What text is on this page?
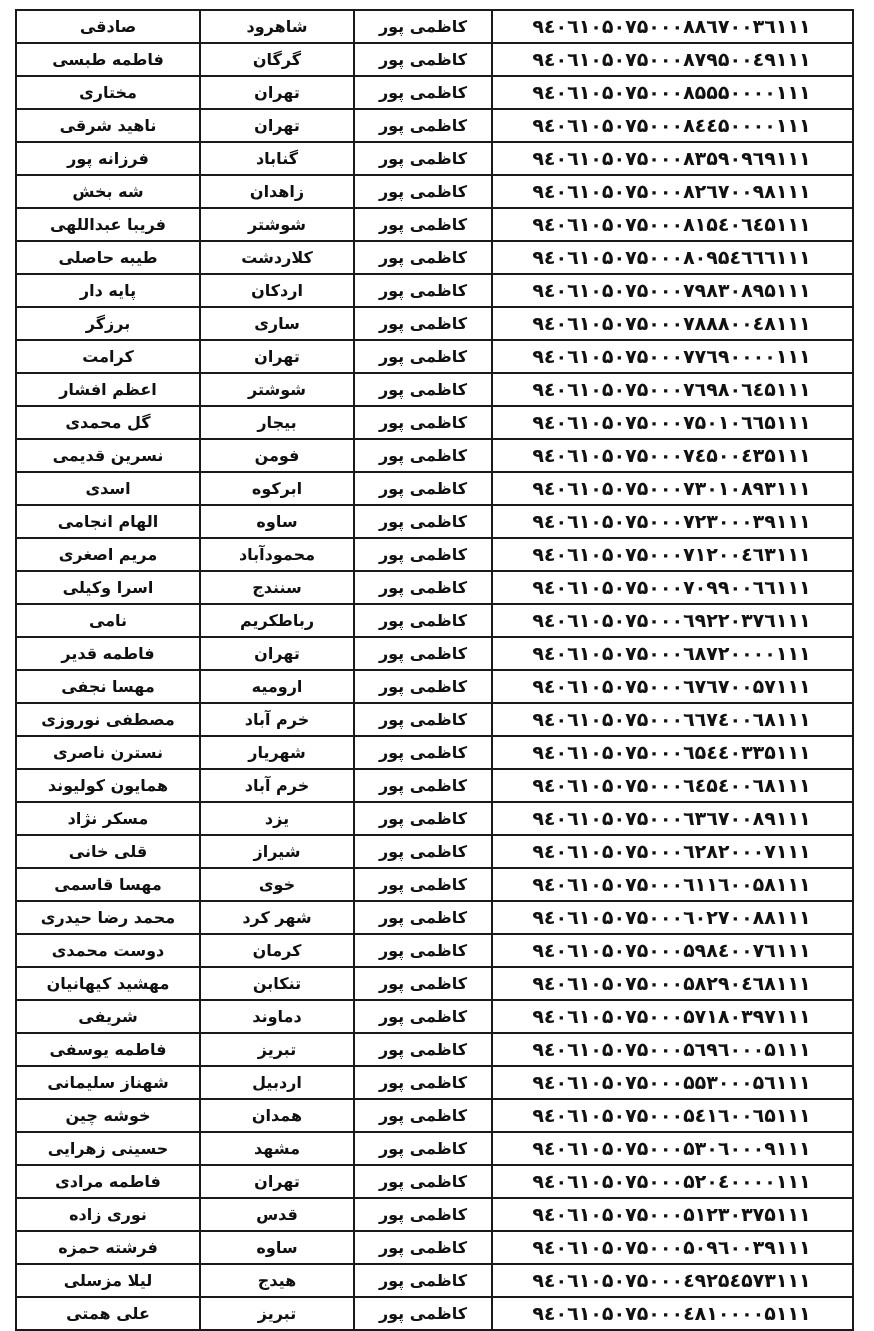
صادقی	شاهرود	کاظمی پور	۹٤۰٦۱۰۵۰۷۵۰۰۰۸۸٦۷۰۰۳٦۱۱۱
فاطمه طبسی	گرگان	کاظمی پور	۹٤۰٦۱۰۵۰۷۵۰۰۰۸۷۹۵۰۰٤۹۱۱۱
مختاری	تهران	کاظمی پور	۹٤۰٦۱۰۵۰۷۵۰۰۰۸۵۵۵۰۰۰۰۱۱۱
ناهید شرقی	تهران	کاظمی پور	۹٤۰٦۱۰۵۰۷۵۰۰۰۸٤٤۵۰۰۰۰۱۱۱
فرزانه پور	گناباد	کاظمی پور	۹٤۰٦۱۰۵۰۷۵۰۰۰۸۳۵۹۰۹٦۹۱۱۱
شه بخش	زاهدان	کاظمی پور	۹٤۰٦۱۰۵۰۷۵۰۰۰۸۲٦۷۰۰۹۸۱۱۱
فریبا عبداللهی	شوشتر	کاظمی پور	۹٤۰٦۱۰۵۰۷۵۰۰۰۸۱۵٤۰٦٤۵۱۱۱
طیبه حاصلی	کلاردشت	کاظمی پور	۹٤۰٦۱۰۵۰۷۵۰۰۰۸۰۹۵٤٦٦٦۱۱۱
پایه دار	اردکان	کاظمی پور	۹٤۰٦۱۰۵۰۷۵۰۰۰۷۹۸۳۰۸۹۵۱۱۱
برزگر	ساری	کاظمی پور	۹٤۰٦۱۰۵۰۷۵۰۰۰۷۸۸۸۰۰٤۸۱۱۱
کرامت	تهران	کاظمی پور	۹٤۰٦۱۰۵۰۷۵۰۰۰۷۷٦۹۰۰۰۰۱۱۱
اعظم افشار	شوشتر	کاظمی پور	۹٤۰٦۱۰۵۰۷۵۰۰۰۷٦۹۸۰٦٤۵۱۱۱
گل محمدی	بیجار	کاظمی پور	۹٤۰٦۱۰۵۰۷۵۰۰۰۷۵۰۱۰٦٦۵۱۱۱
نسرین قدیمی	فومن	کاظمی پور	۹٤۰٦۱۰۵۰۷۵۰۰۰۷٤۵۰۰٤۳۵۱۱۱
اسدی	ابرکوه	کاظمی پور	۹٤۰٦۱۰۵۰۷۵۰۰۰۷۳۰۱۰۸۹۳۱۱۱
الهام انجامی	ساوه	کاظمی پور	۹٤۰٦۱۰۵۰۷۵۰۰۰۷۲۳۰۰۰۳۹۱۱۱
مریم اصغری	محمودآباد	کاظمی پور	۹٤۰٦۱۰۵۰۷۵۰۰۰۷۱۲۰۰٤٦۳۱۱۱
اسرا وکیلی	سنندج	کاظمی پور	۹٤۰٦۱۰۵۰۷۵۰۰۰۷۰۹۹۰۰٦٦۱۱۱
نامی	رباطکریم	کاظمی پور	۹٤۰٦۱۰۵۰۷۵۰۰۰٦۹۲۲۰۳۷٦۱۱۱
فاطمه قدیر	تهران	کاظمی پور	۹٤۰٦۱۰۵۰۷۵۰۰۰٦۸۷۲۰۰۰۰۱۱۱
مهسا نجفی	ارومیه	کاظمی پور	۹٤۰٦۱۰۵۰۷۵۰۰۰٦۷٦۷۰۰۵۷۱۱۱
مصطفی نوروزی	خرم آباد	کاظمی پور	۹٤۰٦۱۰۵۰۷۵۰۰۰٦٦۷٤۰۰٦۸۱۱۱
نسترن ناصری	شهریار	کاظمی پور	۹٤۰٦۱۰۵۰۷۵۰۰۰٦۵٤٤۰۳۳۵۱۱۱
همایون کولیوند	خرم آباد	کاظمی پور	۹٤۰٦۱۰۵۰۷۵۰۰۰٦٤۵٤۰۰٦۸۱۱۱
مسکر نژاد	یزد	کاظمی پور	۹٤۰٦۱۰۵۰۷۵۰۰۰٦۳٦۷۰۰۸۹۱۱۱
قلی خانی	شیراز	کاظمی پور	۹٤۰٦۱۰۵۰۷۵۰۰۰٦۲۸۲۰۰۰۷۱۱۱
مهسا قاسمی	خوی	کاظمی پور	۹٤۰٦۱۰۵۰۷۵۰۰۰٦۱۱٦۰۰۵۸۱۱۱
محمد رضا حیدری	شهر کرد	کاظمی پور	۹٤۰٦۱۰۵۰۷۵۰۰۰٦۰۲۷۰۰۸۸۱۱۱
دوست محمدی	کرمان	کاظمی پور	۹٤۰٦۱۰۵۰۷۵۰۰۰۵۹۸٤۰۰۷٦۱۱۱
مهشید کیهانیان	تنکابن	کاظمی پور	۹٤۰٦۱۰۵۰۷۵۰۰۰۵۸۲۹۰٤٦۸۱۱۱
شریفی	دماوند	کاظمی پور	۹٤۰٦۱۰۵۰۷۵۰۰۰۵۷۱۸۰۳۹۷۱۱۱
فاطمه یوسفی	تبریز	کاظمی پور	۹٤۰٦۱۰۵۰۷۵۰۰۰۵٦۹٦۰۰۰۵۱۱۱
شهناز سلیمانی	اردبیل	کاظمی پور	۹٤۰٦۱۰۵۰۷۵۰۰۰۵۵۳۰۰۰۵٦۱۱۱
خوشه چین	همدان	کاظمی پور	۹٤۰٦۱۰۵۰۷۵۰۰۰۵٤۱٦۰۰٦۵۱۱۱
حسینی زهرایی	مشهد	کاظمی پور	۹٤۰٦۱۰۵۰۷۵۰۰۰۵۳۰٦۰۰۰۹۱۱۱
فاطمه مرادی	تهران	کاظمی پور	۹٤۰٦۱۰۵۰۷۵۰۰۰۵۲۰٤۰۰۰۰۱۱۱
نوری زاده	قدس	کاظمی پور	۹٤۰٦۱۰۵۰۷۵۰۰۰۵۱۲۳۰۳۷۵۱۱۱
فرشته حمزه	ساوه	کاظمی پور	۹٤۰٦۱۰۵۰۷۵۰۰۰۵۰۹٦۰۰۳۹۱۱۱
لیلا مزسلی	هیدج	کاظمی پور	۹٤۰٦۱۰۵۰۷۵۰۰۰٤۹۲۵٤۵۷۳۱۱۱
علی همتی	تبریز	کاظمی پور	۹٤۰٦۱۰۵۰۷۵۰۰۰٤۸۱۰۰۰۰۵۱۱۱
